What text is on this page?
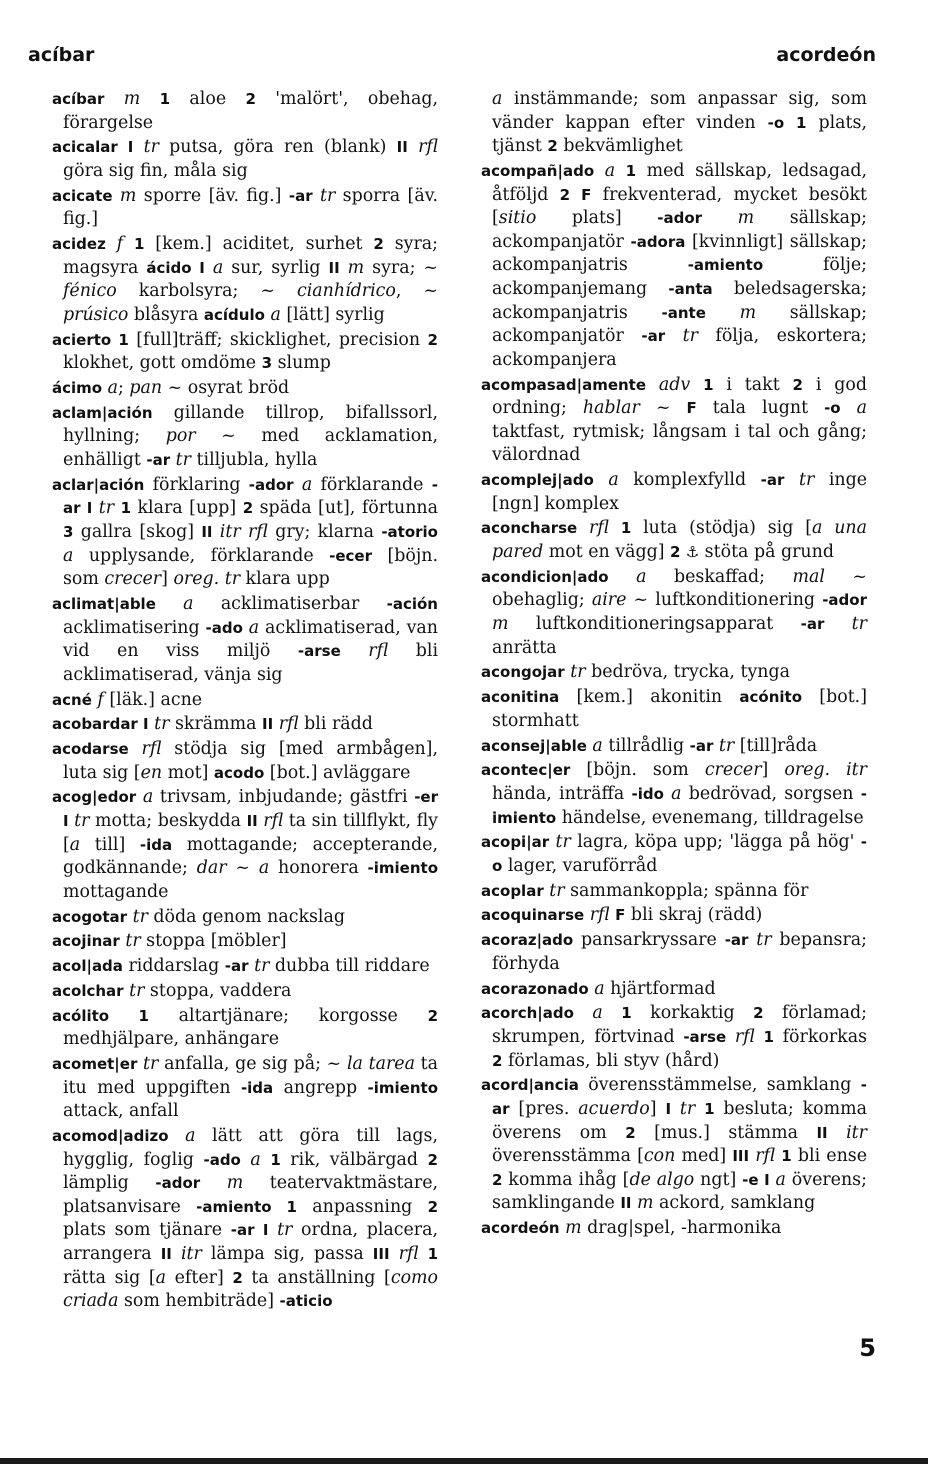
acíbar	acordeón

acíbar m 1 aloe 2 'malört', obehag, förargelse

acicalar I tr putsa, göra ren (blank) II rfl göra sig fin, måla sig

acicate m sporre [äv. fig.] -ar tr sporra [äv. fig.]

acidez f 1 [kem.] aciditet, surhet 2 syra; magsyra ácido I a sur, syrlig II m syra; ~ fénico karbolsyra; ~ cianhídrico, ~ prúsico blåsyra acídulo a [lätt] syrlig

acierto 1 [full]träff; skicklighet, precision 2 klokhet, gott omdöme 3 slump

ácimo a; pan ~ osyrat bröd

aclam|ación gillande tillrop, bifallssorl, hyllning; por ~ med acklamation, enhälligt -ar tr tilljubla, hylla

aclar|ación förklaring -ador a förklarande -ar I tr 1 klara [upp] 2 späda [ut], förtunna 3 gallra [skog] II itr rfl gry; klarna -atorio a upplysande, förklarande -ecer [böjn. som crecer] oreg. tr klara upp

aclimat|able a acklimatiserbar -ación acklimatisering -ado a acklimatiserad, van vid en viss miljö -arse rfl bli acklimatiserad, vänja sig

acné f [läk.] acne

acobardar I tr skrämma II rfl bli rädd

acodarse rfl stödja sig [med armbågen], luta sig [en mot] acodo [bot.] avläggare

acog|edor a trivsam, inbjudande; gästfri -er I tr motta; beskydda II rfl ta sin tillflykt, fly [a till] -ida mottagande; accepterande, godkännande; dar ~ a honorera -imiento mottagande

acogotar tr döda genom nackslag

acojinar tr stoppa [möbler]

acol|ada riddarslag -ar tr dubba till riddare

acolchar tr stoppa, vaddera

acólito 1 altartjänare; korgosse 2 medhjälpare, anhängare

acomet|er tr anfalla, ge sig på; ~ la tarea ta itu med uppgiften -ida angrepp -imiento attack, anfall

acomod|adizo a lätt att göra till lags, hygglig, foglig -ado a 1 rik, välbärgad 2 lämplig -ador m teatervaktmästare, platsanvisare -amiento 1 anpassning 2 plats som tjänare -ar I tr ordna, placera, arrangera II itr lämpa sig, passa III rfl 1 rätta sig [a efter] 2 ta anställning [como criada som hembiträde] -aticio

a instämmande; som anpassar sig, som vänder kappan efter vinden -o 1 plats, tjänst 2 bekvämlighet

acompañ|ado a 1 med sällskap, ledsagad, åtföljd 2 F frekventerad, mycket besökt [sitio plats] -ador m sällskap; ackompanjatör -adora [kvinnligt] sällskap; ackompanjatris -amiento följe; ackompanjemang -anta beledsagerska; ackompanjatris -ante m sällskap; ackompanjatör -ar tr följa, eskortera; ackompanjera

acompasad|amente adv 1 i takt 2 i god ordning; hablar ~ F tala lugnt -o a taktfast, rytmisk; långsam i tal och gång; välordnad

acomplej|ado a komplexfylld -ar tr inge [ngn] komplex

aconcharse rfl 1 luta (stödja) sig [a una pared mot en vägg] 2 ⚓ stöta på grund

acondicion|ado a beskaffad; mal ~ obehaglig; aire ~ luftkonditionering -ador m luftkonditioneringsapparat -ar tr anrätta

acongojar tr bedröva, trycka, tynga

aconitina [kem.] akonitin acónito [bot.] stormhatt

aconsej|able a tillrådlig -ar tr [till]råda

acontec|er [böjn. som crecer] oreg. itr hända, inträffa -ido a bedrövad, sorgsen -imiento händelse, evenemang, tilldragelse

acopi|ar tr lagra, köpa upp; 'lägga på hög' -o lager, varuförråd

acoplar tr sammankoppla; spänna för

acoquinarse rfl F bli skraj (rädd)

acoraz|ado pansarkryssare -ar tr bepansra; förhyda

acorazonado a hjärtformad

acorch|ado a 1 korkaktig 2 förlamad; skrumpen, förtvinad -arse rfl 1 förkorkas 2 förlamas, bli styv (hård)

acord|ancia överensstämmelse, samklang -ar [pres. acuerdo] I tr 1 besluta; komma överens om 2 [mus.] stämma II itr överensstämma [con med] III rfl 1 bli ense 2 komma ihåg [de algo ngt] -e I a överens; samklingande II m ackord, samklang

acordeón m drag|spel, -harmonika

5
